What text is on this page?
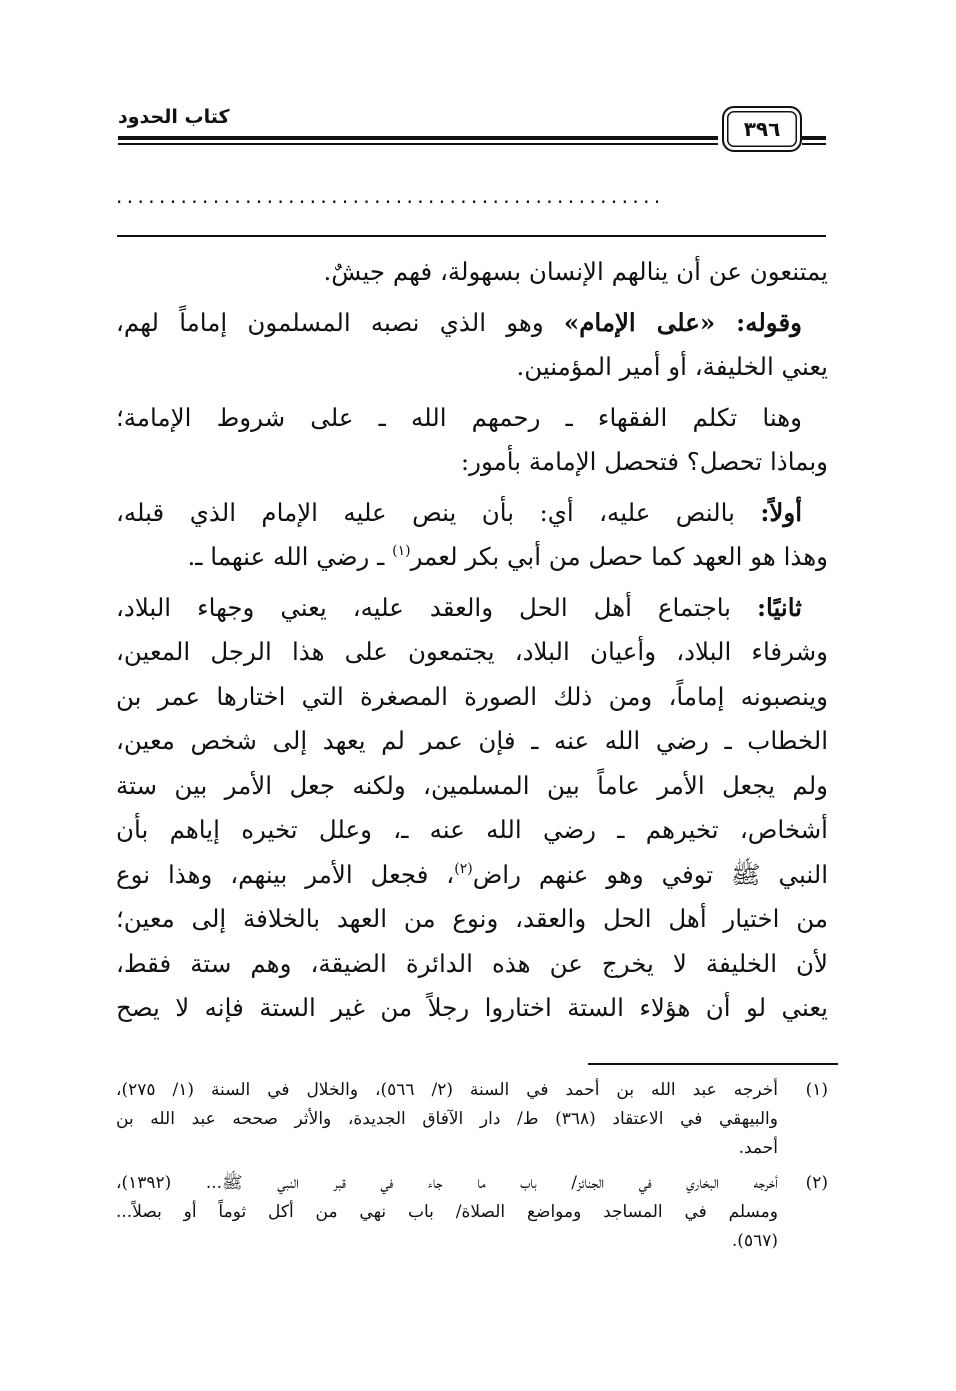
كتاب الحدود	٣٩٦
...................................................

يمتنعون عن أن ينالهم الإنسان بسهولة، فهم جيشٌ.

وقوله: «على الإمام» وهو الذي نصبه المسلمون إماماً لهم،
يعني الخليفة، أو أمير المؤمنين.

وهنا تكلم الفقهاء ـ رحمهم الله ـ على شروط الإمامة؛
وبماذا تحصل؟ فتحصل الإمامة بأمور:

أولاً: بالنص عليه، أي: بأن ينص عليه الإمام الذي قبله،
وهذا هو العهد كما حصل من أبي بكر لعمر$^{(١)}$ ـ رضي الله عنهما ـ.

ثانيًا: باجتماع أهل الحل والعقد عليه، يعني وجهاء البلاد،
وشرفاء البلاد، وأعيان البلاد، يجتمعون على هذا الرجل المعين،
وينصبونه إماماً، ومن ذلك الصورة المصغرة التي اختارها عمر بن
الخطاب ـ رضي الله عنه ـ فإن عمر لم يعهد إلى شخص معين،
ولم يجعل الأمر عاماً بين المسلمين، ولكنه جعل الأمر بين ستة
أشخاص، تخيرهم ـ رضي الله عنه ـ، وعلل تخيره إياهم بأن
النبي ﷺ توفي وهو عنهم راض$^{(٢)}$، فجعل الأمر بينهم، وهذا نوع
من اختيار أهل الحل والعقد، ونوع من العهد بالخلافة إلى معين؛
لأن الخليفة لا يخرج عن هذه الدائرة الضيقة، وهم ستة فقط،
يعني لو أن هؤلاء الستة اختاروا رجلاً من غير الستة فإنه لا يصح

(١)
أخرجه عبد الله بن أحمد في السنة (٢/ ٥٦٦)، والخلال في السنة (١/ ٢٧٥)،
والبيهقي في الاعتقاد (٣٦٨) ط/ دار الآفاق الجديدة، والأثر صححه عبد الله بن
أحمد.
(٢)
أخرجه البخاري في الجنائز/ باب ما جاء في قبر النبي ﷺ... (١٣٩٢)،
ومسلم في المساجد ومواضع الصلاة/ باب نهي من أكل ثوماً أو بصلاً...
(٥٦٧).
